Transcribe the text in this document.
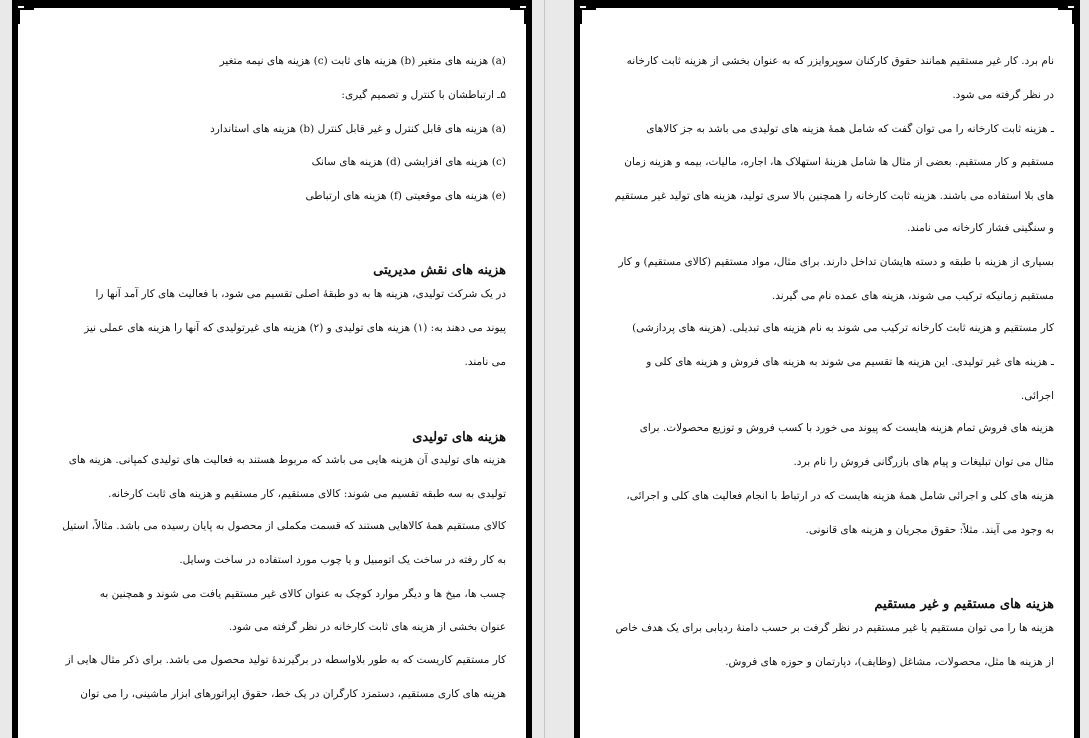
(a) هزینه های متغیر (b) هزینه های ثابت (c) هزینه های نیمه متغیر
۵ـ ارتباطشان با کنترل و تصمیم گیری:
(a) هزینه های قابل کنترل و غیر قابل کنترل (b) هزینه های استاندارد
(c) هزینه های افزایشی (d) هزینه های سانک
(e) هزینه های موقعیتی (f) هزینه های ارتباطی
هزینه های نقش مدیریتی
در یک شرکت تولیدی، هزینه ها به دو طبقۀ اصلی تقسیم می شود، با فعالیت های کار آمد آنها را
پیوند می دهند به: (۱) هزینه های تولیدی و (۲) هزینه های غیرتولیدی که آنها را هزینه های عملی نیز
می نامند.
هزینه های تولیدی
هزینه های تولیدی آن هزینه هایی می باشد که مربوط هستند به فعالیت های تولیدی کمپانی. هزینه های
تولیدی به سه طبقه تقسیم می شوند: کالای مستقیم، کار مستقیم و هزینه های ثابت کارخانه.
کالای مستقیم همۀ کالاهایی هستند که قسمت مکملی از محصول به پایان رسیده می باشد. مثالاً، استیل
به کار رفته در ساخت یک اتومبیل و یا چوب مورد استفاده در ساخت وسایل.
چسب ها، میخ ها و دیگر موارد کوچک به عنوان کالای غیر مستقیم یافت می شوند و همچنین به
عنوان بخشی از هزینه های ثابت کارخانه در نظر گرفته می شود.
کار مستقیم کاریست که به طور بلاواسطه در برگیرندۀ تولید محصول می باشد. برای ذکر مثال هایی از
هزینه های کاری مستقیم، دستمزد کارگران در یک خط، حقوق اپراتورهای ابزار ماشینی، را می توان
نام برد. کار غیر مستقیم همانند حقوق کارکنان سوپروایزر که به عنوان بخشی از هزینه ثابت کارخانه
در نظر گرفته می شود.
ـ هزینه ثابت کارخانه را می توان گفت که شامل همۀ هزینه های تولیدی می باشد به جز کالاهای
مستقیم و کار مستقیم. بعضی از مثال ها شامل هزینۀ استهلاک ها، اجاره، مالیات، بیمه و هزینه زمان
های بلا استفاده می باشند. هزینه ثابت کارخانه را همچنین بالا سری تولید، هزینه های تولید غیر مستقیم
و سنگینی فشار کارخانه می نامند.
بسیاری از هزینه با طبقه و دسته هایشان تداخل دارند. برای مثال، مواد مستقیم (کالای مستقیم) و کار
مستقیم زمانیکه ترکیب می شوند، هزینه های عمده نام می گیرند.
کار مستقیم و هزینه ثابت کارخانه ترکیب می شوند به نام هزینه های تبدیلی. (هزینه های پردازشی)
ـ هزینه های غیر تولیدی. این هزینه ها تقسیم می شوند به هزینه های فروش و هزینه های کلی و
اجرائی.
هزینه های فروش تمام هزینه هایست که پیوند می خورد با کسب فروش و توزیع محصولات. برای
مثال می توان تبلیغات و پیام های بازرگانی فروش را نام برد.
هزینه های کلی و اجرائی شامل همۀ هزینه هایست که در ارتباط با انجام فعالیت های کلی و اجرائی،
به وجود می آیند. مثلاً: حقوق مجریان و هزینه های قانونی.
هزینه های مستقیم و غیر مستقیم
هزینه ها را می توان مستقیم یا غیر مستقیم در نظر گرفت بر حسب دامنۀ ردیابی برای یک هدف خاص
از هزینه ها مثل، محصولات، مشاغل (وظایف)، دپارتمان و حوزه های فروش.
